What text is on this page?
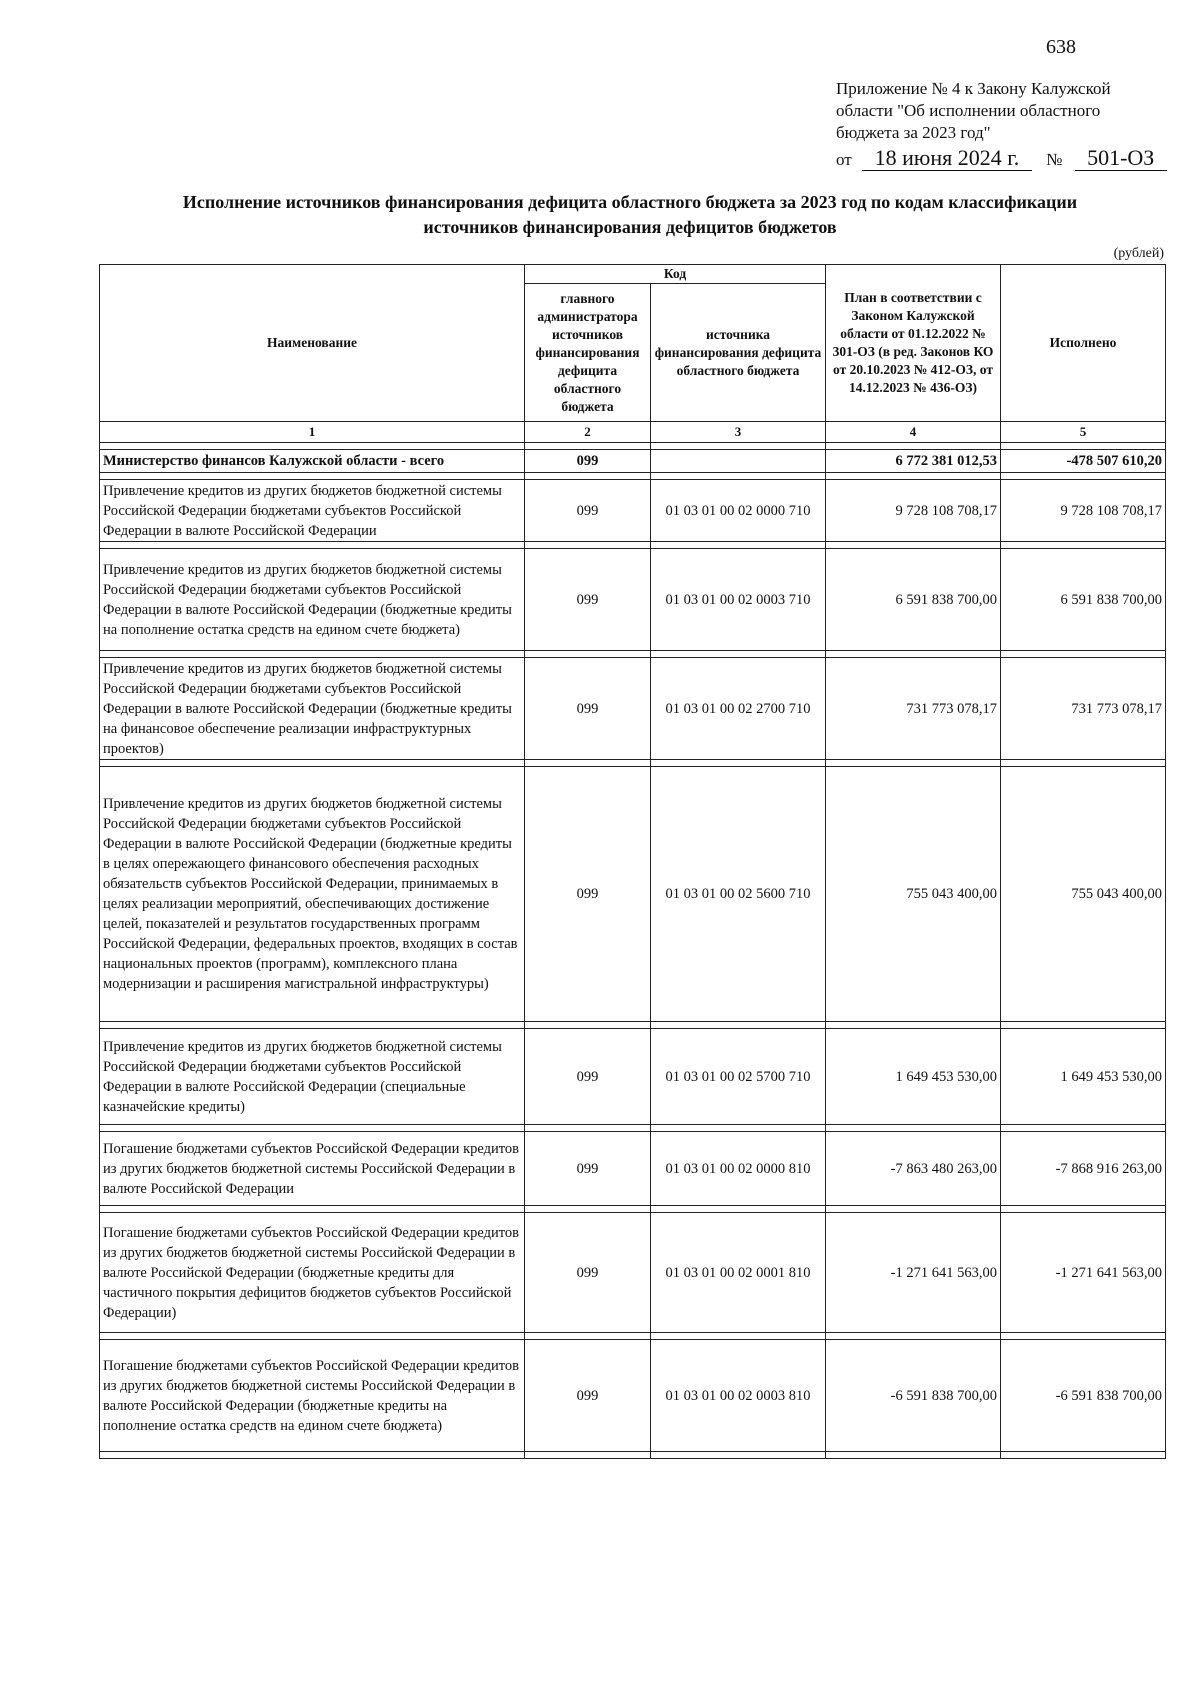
638
Приложение № 4 к Закону Калужской
области "Об исполнении областного
бюджета за 2023 год"
от 18 июня 2024 г. № 501-ОЗ
Исполнение источников финансирования дефицита областного бюджета за 2023 год по кодам классификации
источников финансирования дефицитов бюджетов
(рублей)
Наименование	Код		План в соответствии с Законом Калужской области от 01.12.2022 № 301-ОЗ (в ред. Законов КО от 20.10.2023 № 412-ОЗ, от 14.12.2023 № 436-ОЗ)	Исполнено
	главного администратора источников финансирования дефицита областного бюджета	источника финансирования дефицита областного бюджета		
1	2	3	4	5

Министерство финансов Калужской области - всего	099		6 772 381 012,53	-478 507 610,20

Привлечение кредитов из других бюджетов бюджетной системы Российской Федерации бюджетами субъектов Российской Федерации в валюте Российской Федерации	099	01 03 01 00 02 0000 710	9 728 108 708,17	9 728 108 708,17

Привлечение кредитов из других бюджетов бюджетной системы Российской Федерации бюджетами субъектов Российской Федерации в валюте Российской Федерации (бюджетные кредиты на пополнение остатка средств на едином счете бюджета)	099	01 03 01 00 02 0003 710	6 591 838 700,00	6 591 838 700,00

Привлечение кредитов из других бюджетов бюджетной системы Российской Федерации бюджетами субъектов Российской Федерации в валюте Российской Федерации (бюджетные кредиты на финансовое обеспечение реализации инфраструктурных проектов)	099	01 03 01 00 02 2700 710	731 773 078,17	731 773 078,17

Привлечение кредитов из других бюджетов бюджетной системы Российской Федерации бюджетами субъектов Российской Федерации в валюте Российской Федерации (бюджетные кредиты в целях опережающего финансового обеспечения расходных обязательств субъектов Российской Федерации, принимаемых в целях реализации мероприятий, обеспечивающих достижение целей, показателей и результатов государственных программ Российской Федерации, федеральных проектов, входящих в состав национальных проектов (программ), комплексного плана модернизации и расширения магистральной инфраструктуры)	099	01 03 01 00 02 5600 710	755 043 400,00	755 043 400,00

Привлечение кредитов из других бюджетов бюджетной системы Российской Федерации бюджетами субъектов Российской Федерации в валюте Российской Федерации (специальные казначейские кредиты)	099	01 03 01 00 02 5700 710	1 649 453 530,00	1 649 453 530,00

Погашение бюджетами субъектов Российской Федерации кредитов из других бюджетов бюджетной системы Российской Федерации в валюте Российской Федерации	099	01 03 01 00 02 0000 810	-7 863 480 263,00	-7 868 916 263,00

Погашение бюджетами субъектов Российской Федерации кредитов из других бюджетов бюджетной системы Российской Федерации в валюте Российской Федерации (бюджетные кредиты для частичного покрытия дефицитов бюджетов субъектов Российской Федерации)	099	01 03 01 00 02 0001 810	-1 271 641 563,00	-1 271 641 563,00

Погашение бюджетами субъектов Российской Федерации кредитов из других бюджетов бюджетной системы Российской Федерации в валюте Российской Федерации (бюджетные кредиты на пополнение остатка средств на едином счете бюджета)	099	01 03 01 00 02 0003 810	-6 591 838 700,00	-6 591 838 700,00
